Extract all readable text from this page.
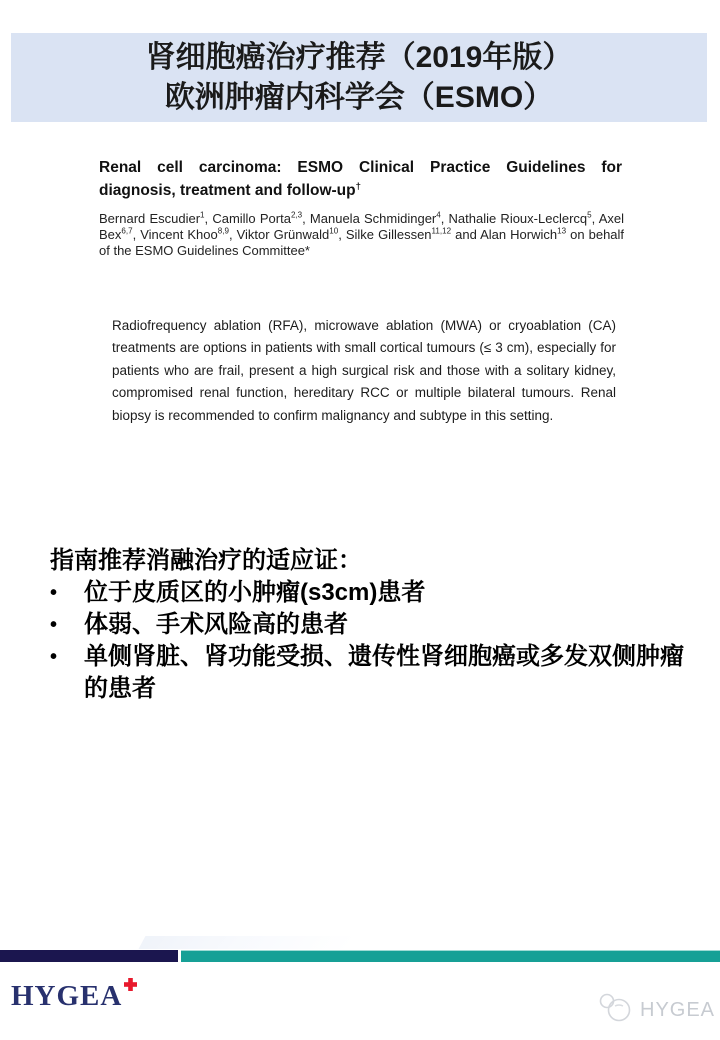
肾细胞癌治疗推荐（2019年版）
欧洲肿瘤内科学会（ESMO）
Renal cell carcinoma: ESMO Clinical Practice Guidelines for
diagnosis, treatment and follow-up†
Bernard Escudier$^1$, Camillo Porta$^{2,3}$, Manuela Schmidinger$^4$, Nathalie Rioux-Leclercq$^5$, Axel Bex$^{6,7}$, Vincent Khoo$^{8,9}$, Viktor Grünwald$^{10}$, Silke Gillessen$^{11,12}$ and Alan Horwich$^{13}$ on behalf of the ESMO Guidelines Committee*
Radiofrequency ablation (RFA), microwave ablation (MWA) or cryoablation (CA) treatments are options in patients with small cortical tumours (≤ 3 cm), especially for patients who are frail, present a high surgical risk and those with a solitary kidney, compromised renal function, hereditary RCC or multiple bilateral tumours. Renal biopsy is recommended to confirm malignancy and subtype in this setting.
指南推荐消融治疗的适应证：
•	位于皮质区的小肿瘤(s3cm)患者
•	体弱、手术风险高的患者
•	单侧肾脏、肾功能受损、遗传性肾细胞癌或多发双侧肿瘤的患者
HYGEA	HYGEA
